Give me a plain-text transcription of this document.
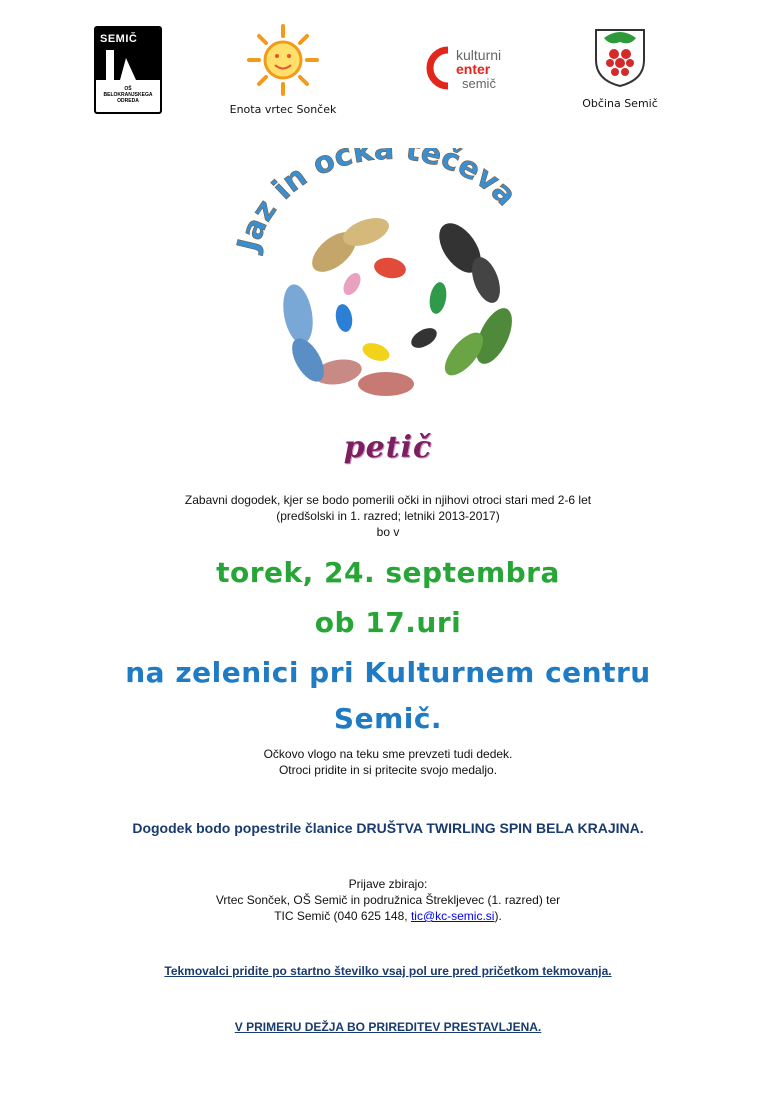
SEMIČ
OŠ BELOKRANJSKEGA ODREDA
Enota vrtec Sonček
kulturni
enter
semič
Občina Semič
Jaz in očka tečeva
petič
Zabavni dogodek, kjer se bodo pomerili očki in njihovi otroci stari med 2-6 let
(predšolski in 1. razred; letniki 2013-2017)
bo v
torek, 24. septembra
ob 17.uri
na zelenici pri Kulturnem centru
Semič.
Očkovo vlogo na teku sme prevzeti tudi dedek.
Otroci pridite in si pritecite svojo medaljo.
Dogodek bodo popestrile članice DRUŠTVA TWIRLING SPIN BELA KRAJINA.
Prijave zbirajo:
Vrtec Sonček, OŠ Semič in podružnica Štrekljevec (1. razred) ter
TIC Semič (040 625 148, tic@kc-semic.si).
Tekmovalci pridite po startno številko vsaj pol ure pred pričetkom tekmovanja.
V PRIMERU DEŽJA BO PRIREDITEV PRESTAVLJENA.
